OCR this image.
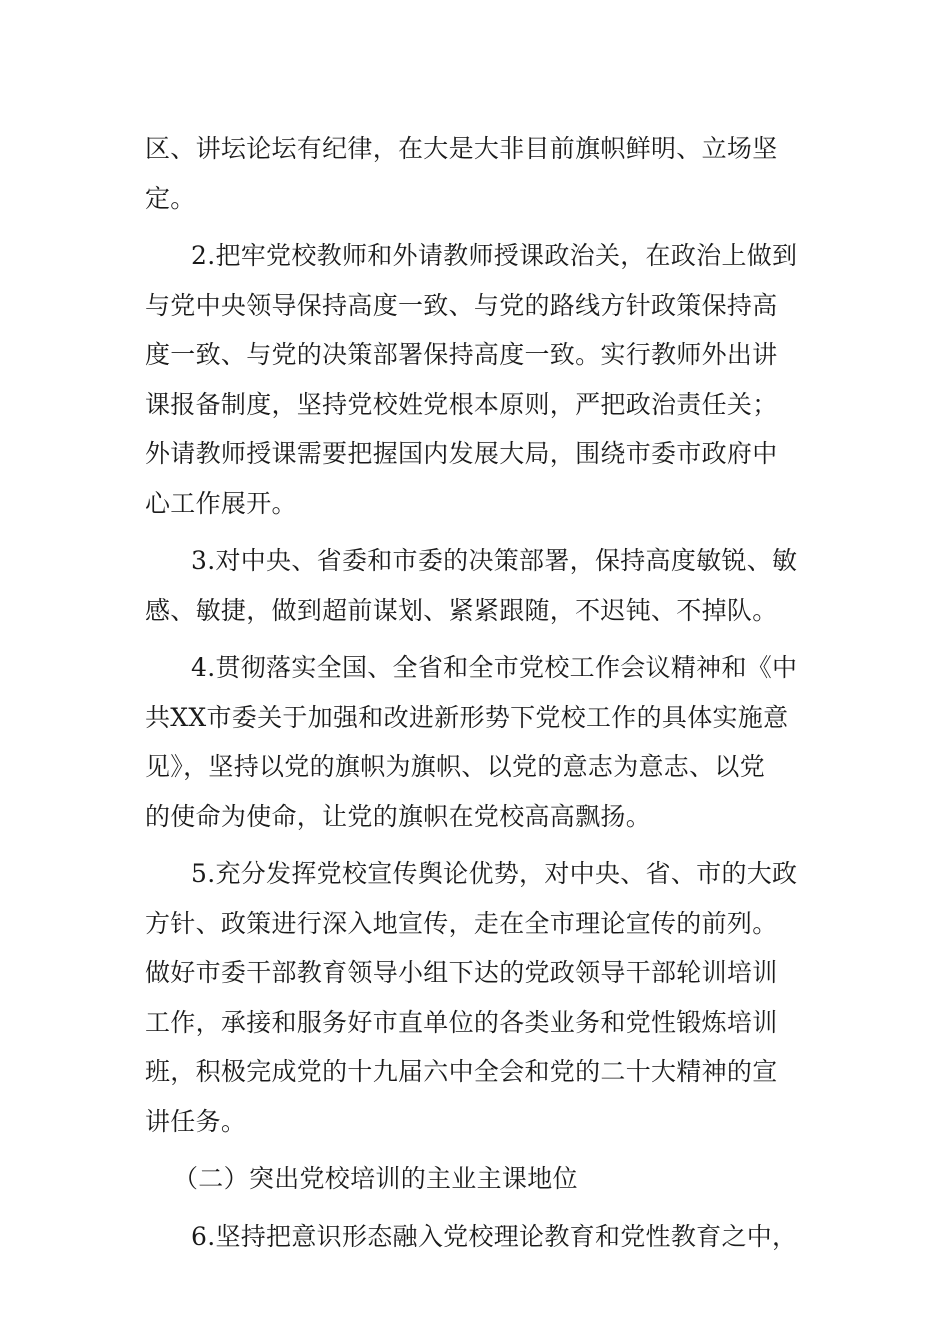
区、讲坛论坛有纪律，在大是大非目前旗帜鲜明、立场坚
定。
2.把牢党校教师和外请教师授课政治关，在政治上做到
与党中央领导保持高度一致、与党的路线方针政策保持高
度一致、与党的决策部署保持高度一致。实行教师外出讲
课报备制度，坚持党校姓党根本原则，严把政治责任关；
外请教师授课需要把握国内发展大局，围绕市委市政府中
心工作展开。
3.对中央、省委和市委的决策部署，保持高度敏锐、敏
感、敏捷，做到超前谋划、紧紧跟随，不迟钝、不掉队。
4.贯彻落实全国、全省和全市党校工作会议精神和《中
共XX市委关于加强和改进新形势下党校工作的具体实施意
见》，坚持以党的旗帜为旗帜、以党的意志为意志、以党
的使命为使命，让党的旗帜在党校高高飘扬。
5.充分发挥党校宣传舆论优势，对中央、省、市的大政
方针、政策进行深入地宣传，走在全市理论宣传的前列。
做好市委干部教育领导小组下达的党政领导干部轮训培训
工作，承接和服务好市直单位的各类业务和党性锻炼培训
班，积极完成党的十九届六中全会和党的二十大精神的宣
讲任务。
（二）突出党校培训的主业主课地位
6.坚持把意识形态融入党校理论教育和党性教育之中，
